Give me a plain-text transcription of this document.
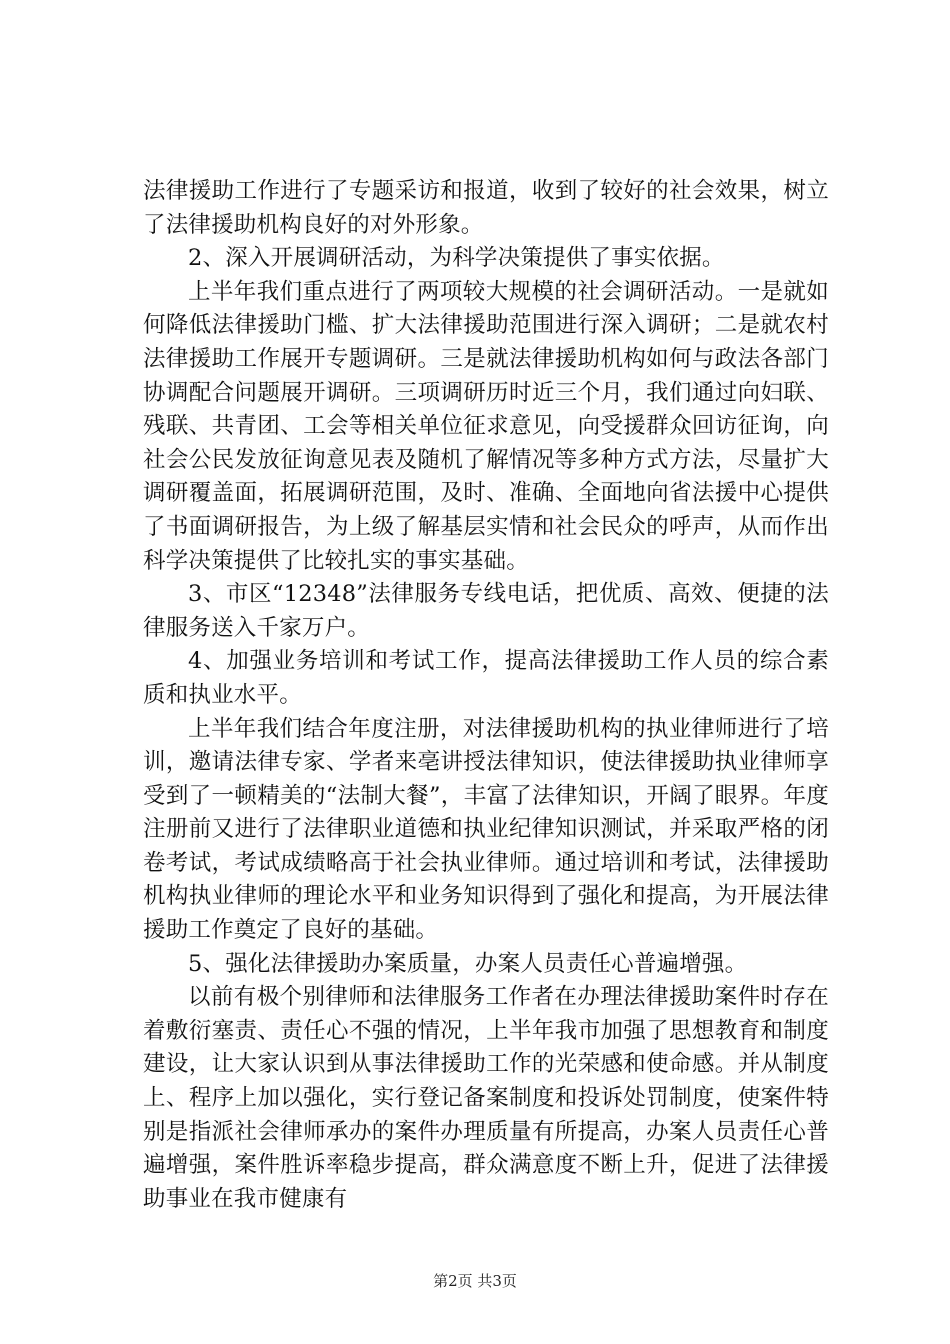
法律援助工作进行了专题采访和报道，收到了较好的社会效果，树立了法律援助机构良好的对外形象。

2、深入开展调研活动，为科学决策提供了事实依据。

上半年我们重点进行了两项较大规模的社会调研活动。一是就如何降低法律援助门槛、扩大法律援助范围进行深入调研；二是就农村法律援助工作展开专题调研。三是就法律援助机构如何与政法各部门协调配合问题展开调研。三项调研历时近三个月，我们通过向妇联、残联、共青团、工会等相关单位征求意见，向受援群众回访征询，向社会公民发放征询意见表及随机了解情况等多种方式方法，尽量扩大调研覆盖面，拓展调研范围，及时、准确、全面地向省法援中心提供了书面调研报告，为上级了解基层实情和社会民众的呼声，从而作出科学决策提供了比较扎实的事实基础。

3、市区“12348”法律服务专线电话，把优质、高效、便捷的法律服务送入千家万户。

4、加强业务培训和考试工作，提高法律援助工作人员的综合素质和执业水平。

上半年我们结合年度注册，对法律援助机构的执业律师进行了培训，邀请法律专家、学者来亳讲授法律知识，使法律援助执业律师享受到了一顿精美的“法制大餐”，丰富了法律知识，开阔了眼界。年度注册前又进行了法律职业道德和执业纪律知识测试，并采取严格的闭卷考试，考试成绩略高于社会执业律师。通过培训和考试，法律援助机构执业律师的理论水平和业务知识得到了强化和提高，为开展法律援助工作奠定了良好的基础。

5、强化法律援助办案质量，办案人员责任心普遍增强。

以前有极个别律师和法律服务工作者在办理法律援助案件时存在着敷衍塞责、责任心不强的情况，上半年我市加强了思想教育和制度建设，让大家认识到从事法律援助工作的光荣感和使命感。并从制度上、程序上加以强化，实行登记备案制度和投诉处罚制度，使案件特别是指派社会律师承办的案件办理质量有所提高，办案人员责任心普遍增强，案件胜诉率稳步提高，群众满意度不断上升，促进了法律援助事业在我市健康有

第2页 共3页
